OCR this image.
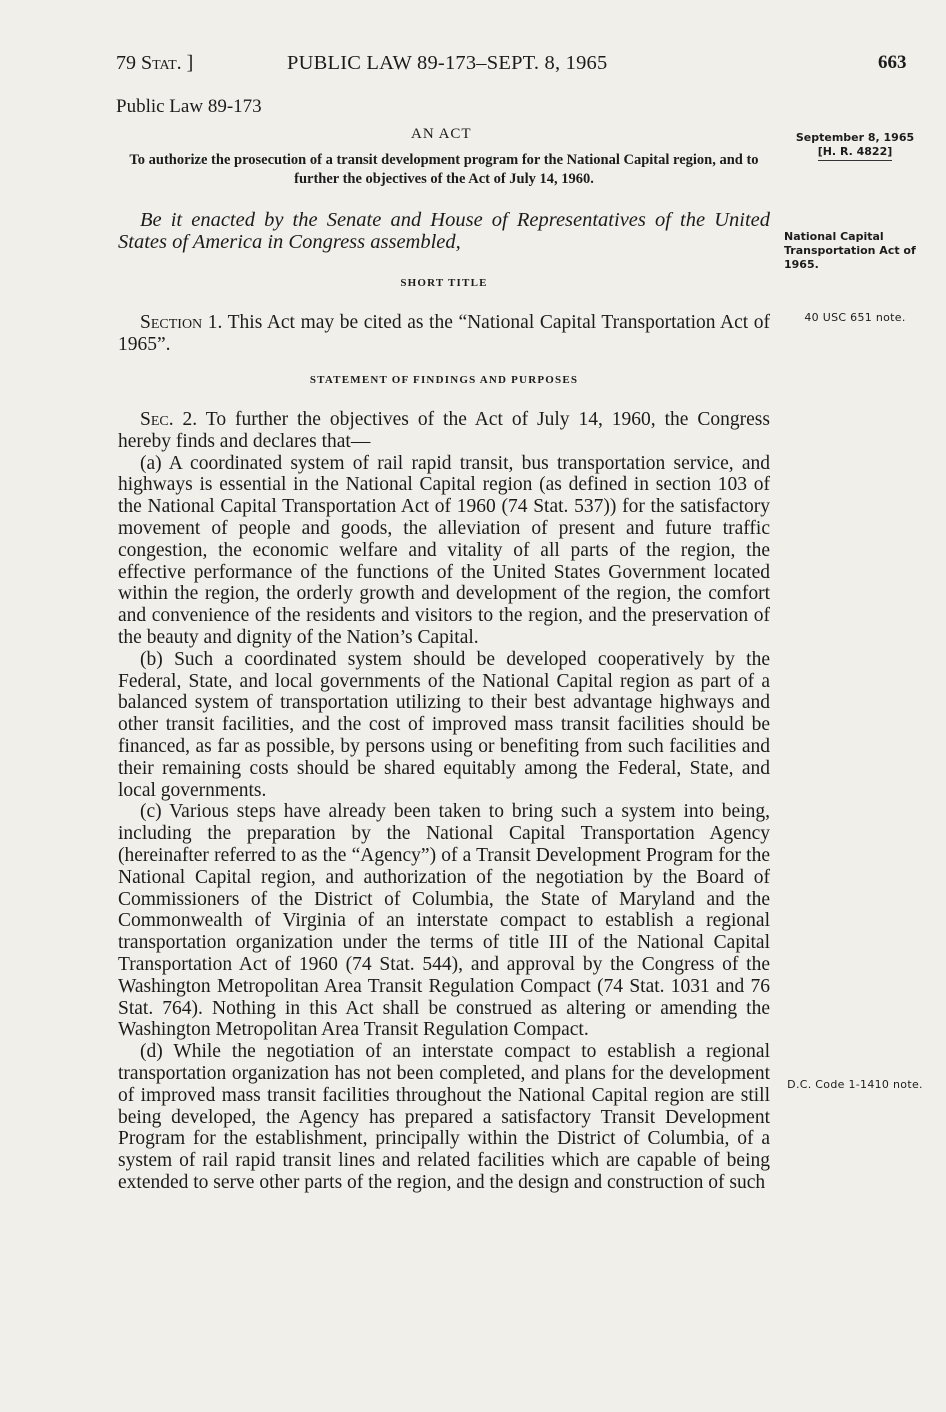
79 Stat. ]	PUBLIC LAW 89-173–SEPT. 8, 1965	663
Public Law 89-173
AN ACT
To authorize the prosecution of a transit development program for the National Capital region, and to further the objectives of the Act of July 14, 1960.
Be it enacted by the Senate and House of Representatives of the United States of America in Congress assembled,
SHORT TITLE

Section 1. This Act may be cited as the “National Capital Transportation Act of 1965”.

STATEMENT OF FINDINGS AND PURPOSES

Sec. 2. To further the objectives of the Act of July 14, 1960, the Congress hereby finds and declares that—

(a) A coordinated system of rail rapid transit, bus transportation service, and highways is essential in the National Capital region (as defined in section 103 of the National Capital Transportation Act of 1960 (74 Stat. 537)) for the satisfactory movement of people and goods, the alleviation of present and future traffic congestion, the economic welfare and vitality of all parts of the region, the effective performance of the functions of the United States Government located within the region, the orderly growth and development of the region, the comfort and convenience of the residents and visitors to the region, and the preservation of the beauty and dignity of the Nation’s Capital.

(b) Such a coordinated system should be developed cooperatively by the Federal, State, and local governments of the National Capital region as part of a balanced system of transportation utilizing to their best advantage highways and other transit facilities, and the cost of improved mass transit facilities should be financed, as far as possible, by persons using or benefiting from such facilities and their remaining costs should be shared equitably among the Federal, State, and local governments.

(c) Various steps have already been taken to bring such a system into being, including the preparation by the National Capital Transportation Agency (hereinafter referred to as the “Agency”) of a Transit Development Program for the National Capital region, and authorization of the negotiation by the Board of Commissioners of the District of Columbia, the State of Maryland and the Commonwealth of Virginia of an interstate compact to establish a regional transportation organization under the terms of title III of the National Capital Transportation Act of 1960 (74 Stat. 544), and approval by the Congress of the Washington Metropolitan Area Transit Regulation Compact (74 Stat. 1031 and 76 Stat. 764). Nothing in this Act shall be construed as altering or amending the Washington Metropolitan Area Transit Regulation Compact.

(d) While the negotiation of an interstate compact to establish a regional transportation organization has not been completed, and plans for the development of improved mass transit facilities throughout the National Capital region are still being developed, the Agency has prepared a satisfactory Transit Development Program for the establishment, principally within the District of Columbia, of a system of rail rapid transit lines and related facilities which are capable of being extended to serve other parts of the region, and the design and construction of such

September 8, 1965
[H. R. 4822]
National Capital Transportation Act of 1965.
40 USC 651 note.
D.C. Code 1-1410 note.
